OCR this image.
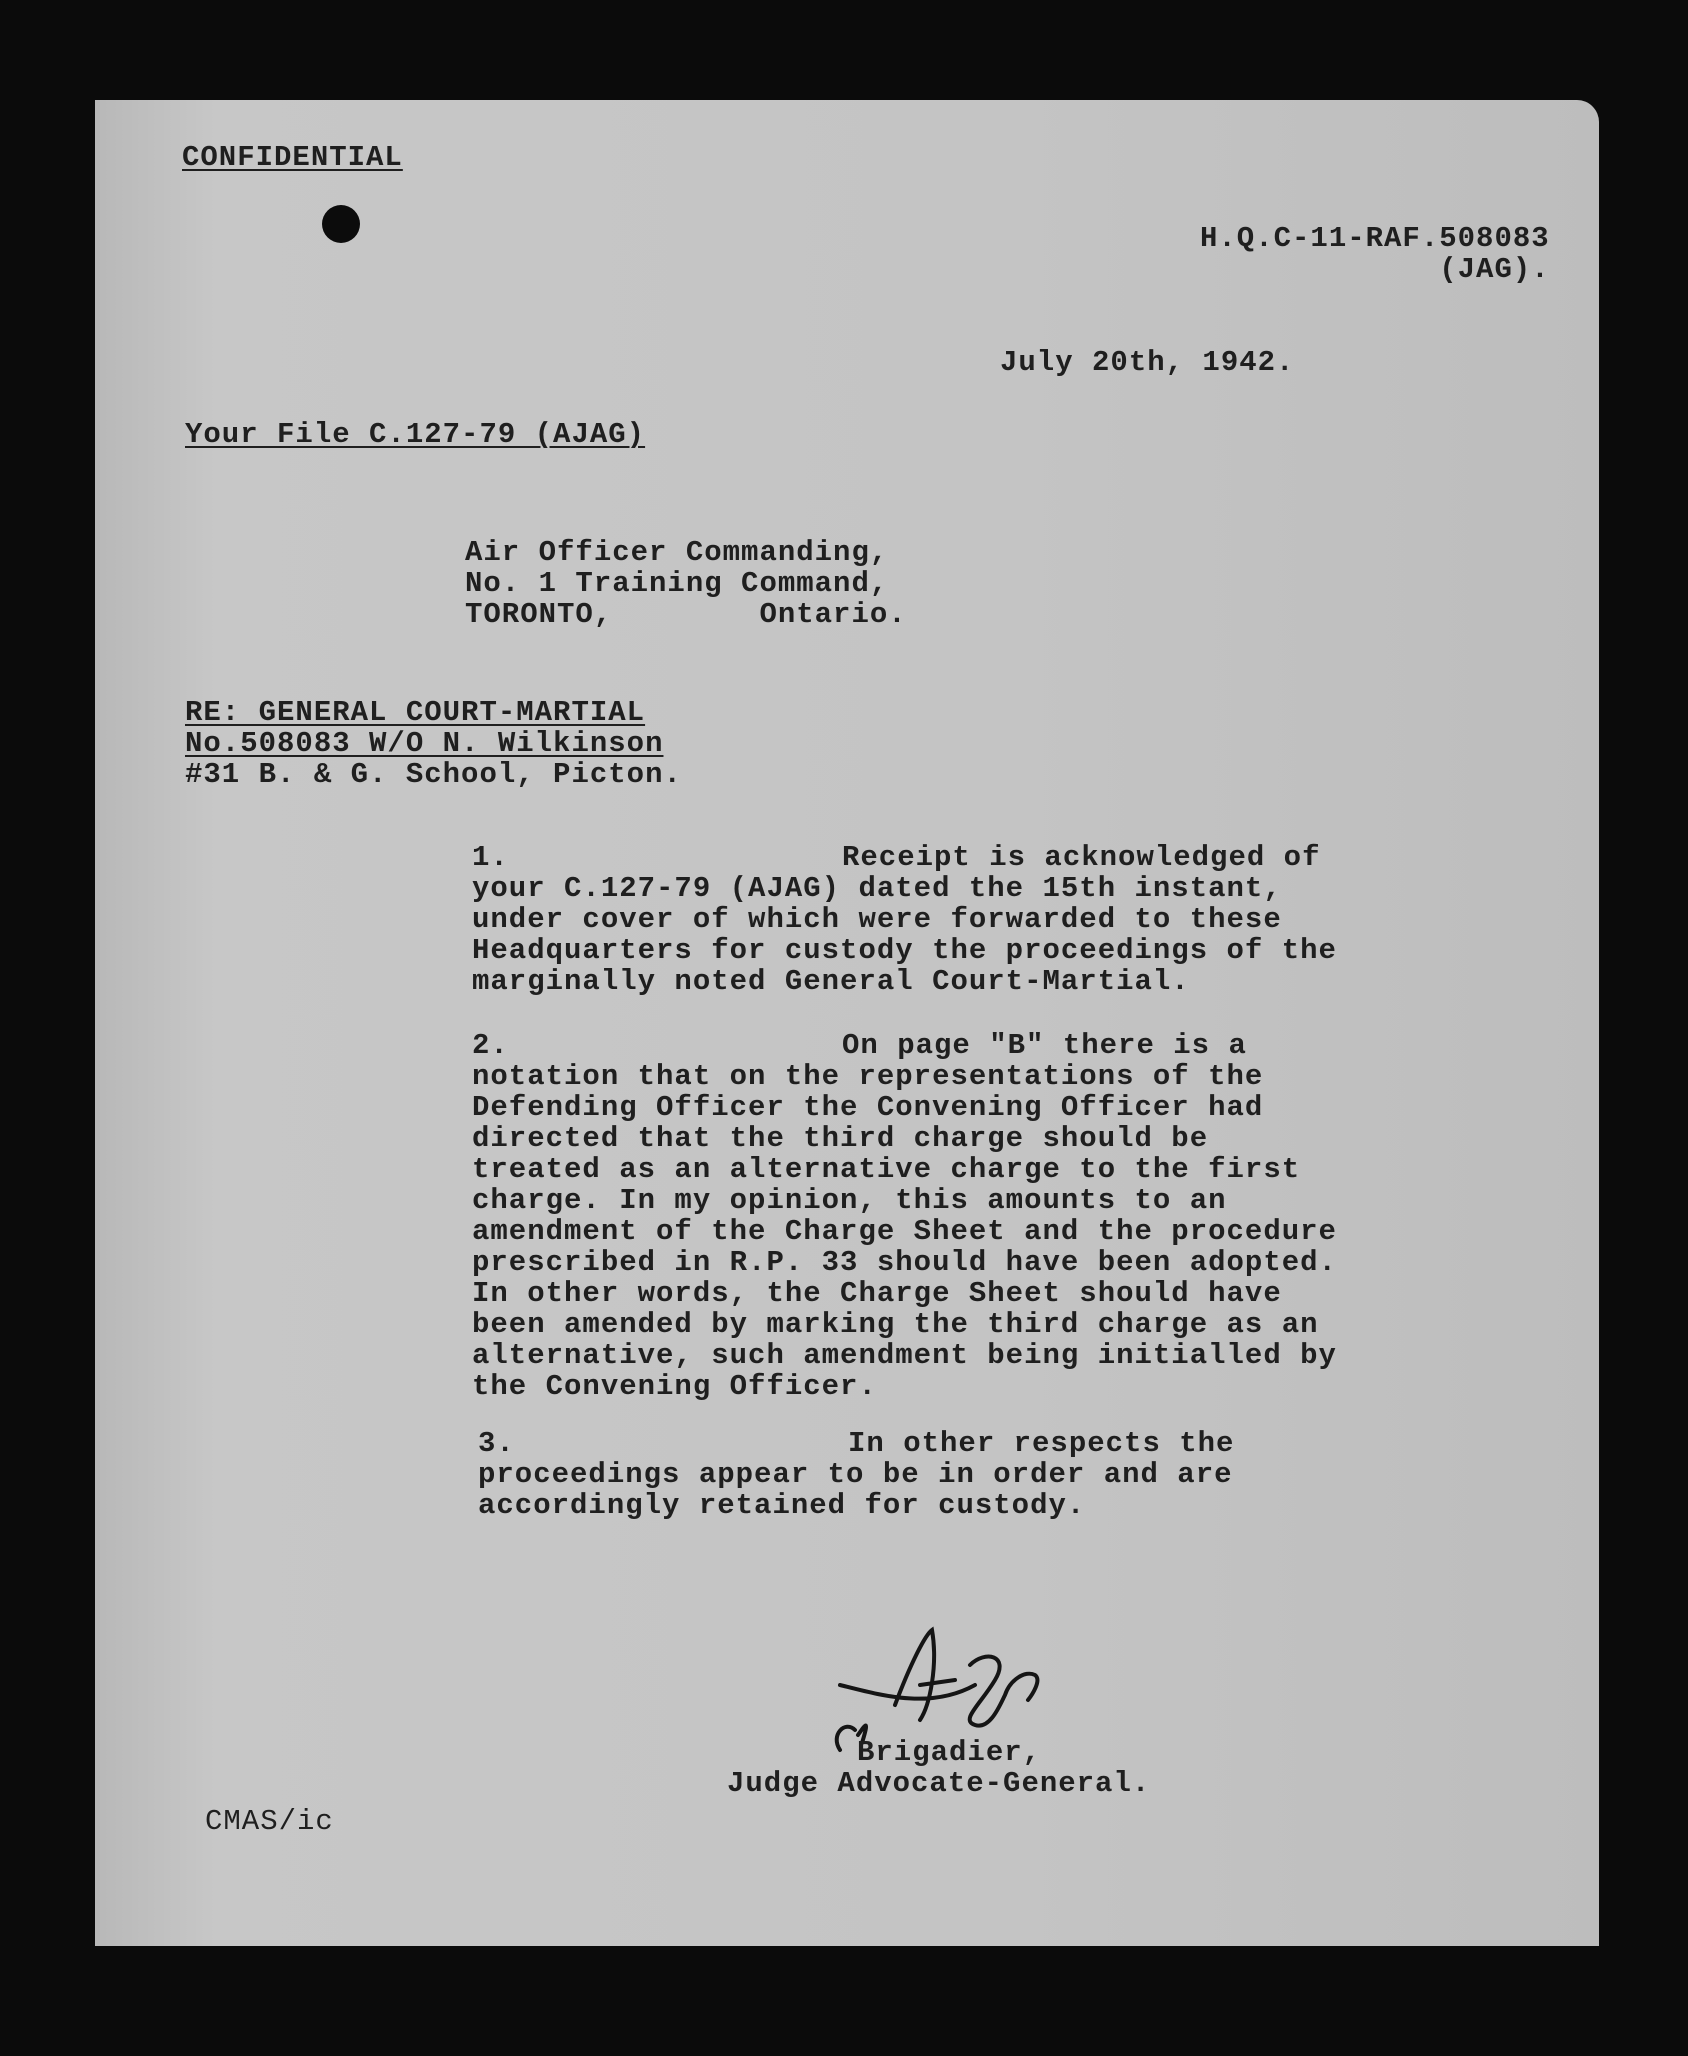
CONFIDENTIAL
H.Q.C-11-RAF.508083
(JAG).
July 20th, 1942.
Your File C.127-79 (AJAG)
Air Officer Commanding,
No. 1 Training Command,
TORONTO,        Ontario.
RE: GENERAL COURT-MARTIAL
No.508083 W/O N. Wilkinson
#31 B. & G. School, Picton.
1.	Receipt is acknowledged of
your C.127-79 (AJAG) dated the 15th instant,
under cover of which were forwarded to these
Headquarters for custody the proceedings of the
marginally noted General Court-Martial.
2.	On page "B" there is a
notation that on the representations of the
Defending Officer the Convening Officer had
directed that the third charge should be
treated as an alternative charge to the first
charge. In my opinion, this amounts to an
amendment of the Charge Sheet and the procedure
prescribed in R.P. 33 should have been adopted.
In other words, the Charge Sheet should have
been amended by marking the third charge as an
alternative, such amendment being initialled by
the Convening Officer.
3.	In other respects the
proceedings appear to be in order and are
accordingly retained for custody.
Brigadier,
Judge Advocate-General.
CMAS/ic
